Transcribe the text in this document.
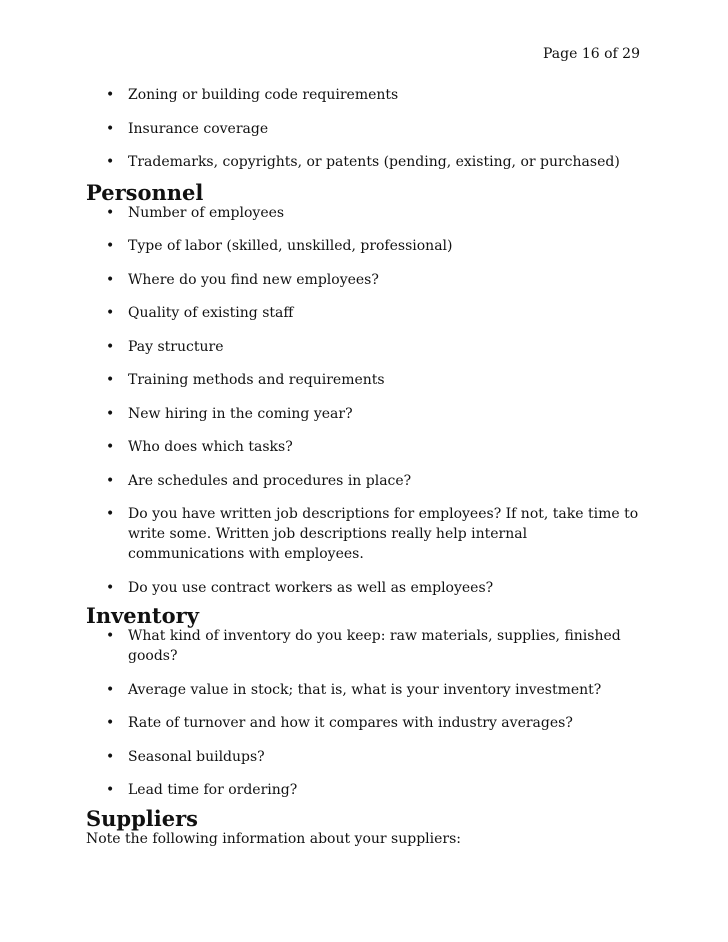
Page 16 of 29
• Zoning or building code requirements
• Insurance coverage
• Trademarks, copyrights, or patents (pending, existing, or purchased)
Personnel
• Number of employees
• Type of labor (skilled, unskilled, professional)
• Where do you find new employees?
• Quality of existing staff
• Pay structure
• Training methods and requirements
• New hiring in the coming year?
• Who does which tasks?
• Are schedules and procedures in place?
• Do you have written job descriptions for employees? If not, take time to write some. Written job descriptions really help internal communications with employees.
• Do you use contract workers as well as employees?
Inventory
• What kind of inventory do you keep: raw materials, supplies, finished goods?
• Average value in stock; that is, what is your inventory investment?
• Rate of turnover and how it compares with industry averages?
• Seasonal buildups?
• Lead time for ordering?
Suppliers

Note the following information about your suppliers:
